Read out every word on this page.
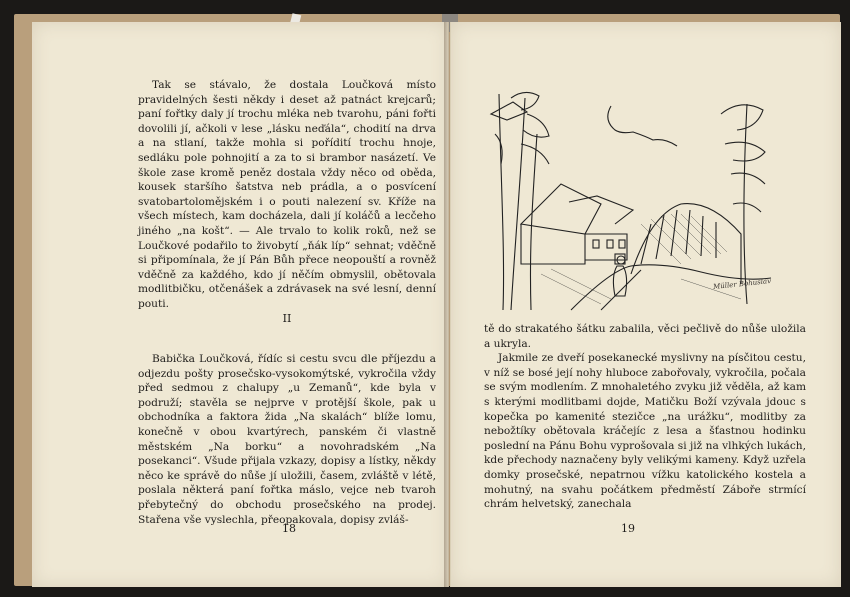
Tak se stávalo, že dostala Loučková místo pravidelných šesti někdy i deset až patnáct krejcarů; paní fořtky daly jí trochu mléka neb tvarohu, páni fořti dovolili jí, ačkoli v lese „lásku neďála“, chodití na drva a na stlaní, takže mohla si pořídití trochu hnoje, sedláku pole pohnojití a za to si brambor nasázetí. Ve škole zase kromě peněz dostala vždy něco od oběda, kousek staršího šatstva neb prádla, a o posvícení svatobartolomějském i o pouti nalezení sv. Kříže na všech místech, kam docházela, dali jí koláčů a lecčeho jiného „na košt“. — Ale trvalo to kolik roků, než se Loučkové podařilo to živobytí „ňák líp“ sehnat; vděčně si připomínala, že jí Pán Bůh přece neopouští a rovněž vděčně za každého, kdo jí něčím obmyslil, obětovala modlitbičku, otčenášek a zdrávasek na své lesní, denní pouti.

II

Babička Loučková, řídíc si cestu svcu dle příjezdu a odjezdu pošty prosečsko-vysokomýtské, vykročila vždy před sedmou z chalupy „u Zemanů“, kde byla v podruží; stavěla se nejprve v protější škole, pak u obchodníka a faktora žida „Na skalách“ blíže lomu, konečně v obou kvartýrech, panském či vlastně městském „Na borku“ a novohradském „Na posekanci“. Všude přijala vzkazy, dopisy a lístky, někdy něco ke správě do nůše jí uložili, časem, zvláště v létě, poslala některá paní fořtka máslo, vejce neb tvaroh přebytečný do obchodu prosečského na prodej. Stařena vše vyslechla, přeopakovala, dopisy zvláš-

18
Müller Bohuslav

tě do strakatého šátku zabalila, věci pečlivě do nůše uložila a ukryla.

Jakmile ze dveří posekanecké myslivny na písčitou cestu, v níž se bosé její nohy hluboce zabořovaly, vykročila, počala se svým modlením. Z mnohaletého zvyku již věděla, až kam s kterými modlitbami dojde, Matičku Boží vzývala jdouc s kopečka po kamenité stezičce „na urážku“, modlitby za nebožtíky obětovala kráčejíc z lesa a šťastnou hodinku poslední na Pánu Bohu vyprošovala si již na vlhkých lukách, kde přechody naznačeny byly velikými kameny. Když uzřela domky prosečské, nepatrnou vížku katolického kostela a mohutný, na svahu počátkem předměstí Záboře strmící chrám helvetský, zanechala

19
